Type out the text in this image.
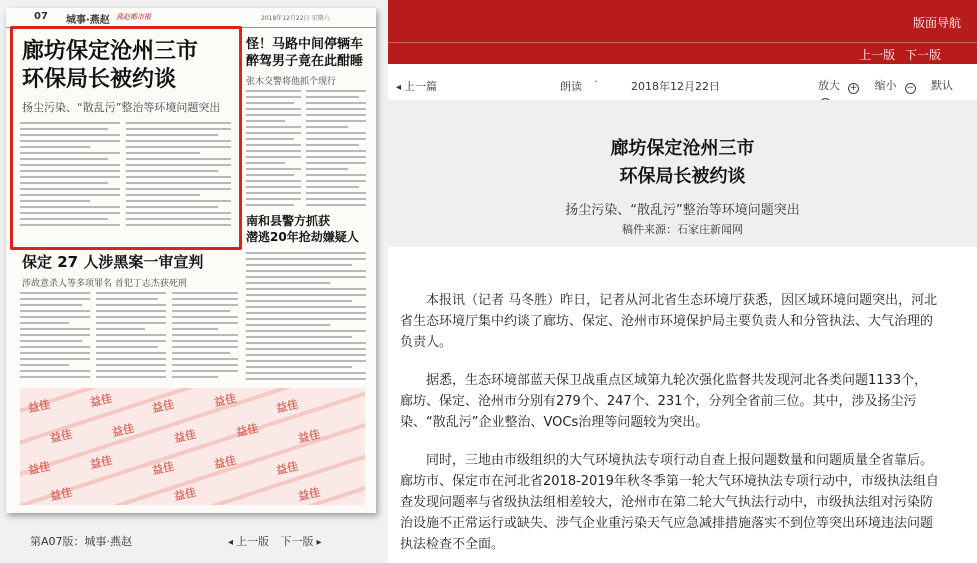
07 城事·燕赵 燕赵都市报	2018年12月22日 星期六
廊坊保定沧州三市
环保局长被约谈
扬尘污染、“散乱污”整治等环境问题突出
怪！马路中间停辆车
醉驾男子竟在此酣睡
张木交警将他抓个现行
南和县警方抓获
潜逃20年抢劫嫌疑人
保定 27 人涉黑案一审宣判
涉故意杀人等多项罪名 首犯丁志杰获死刑
益佳	益佳	益佳	益佳	益佳
益佳	益佳	益佳	益佳	益佳
益佳	益佳	益佳	益佳	益佳
益佳	益佳	益佳
第A07版：城事·燕赵
◂	上一版 下一版 ▸
版面导航
上一版 下一版
◂ 上一篇	朗读 ·	2018年12月22日	放大 + 缩小 − 默认
廊坊保定沧州三市
环保局长被约谈
扬尘污染、“散乱污”整治等环境问题突出
稿件来源：石家庄新闻网

本报讯（记者 马冬胜）昨日，记者从河北省生态环境厅获悉，因区域环境问题突出，河北省生态环境厅集中约谈了廊坊、保定、沧州市环境保护局主要负责人和分管执法、大气治理的负责人。

据悉，生态环境部蓝天保卫战重点区域第九轮次强化监督共发现河北各类问题1133个，廊坊、保定、沧州市分别有279个、247个、231个，分列全省前三位。其中，涉及扬尘污染、“散乱污”企业整治、VOCs治理等问题较为突出。

同时，三地由市级组织的大气环境执法专项行动自查上报问题数量和问题质量全省靠后。廊坊市、保定市在河北省2018-2019年秋冬季第一轮大气环境执法专项行动中，市级执法组自查发现问题率与省级执法组相差较大，沧州市在第二轮大气执法行动中，市级执法组对污染防治设施不正常运行或缺失、涉气企业重污染天气应急减排措施落实不到位等突出环境违法问题执法检查不全面。
